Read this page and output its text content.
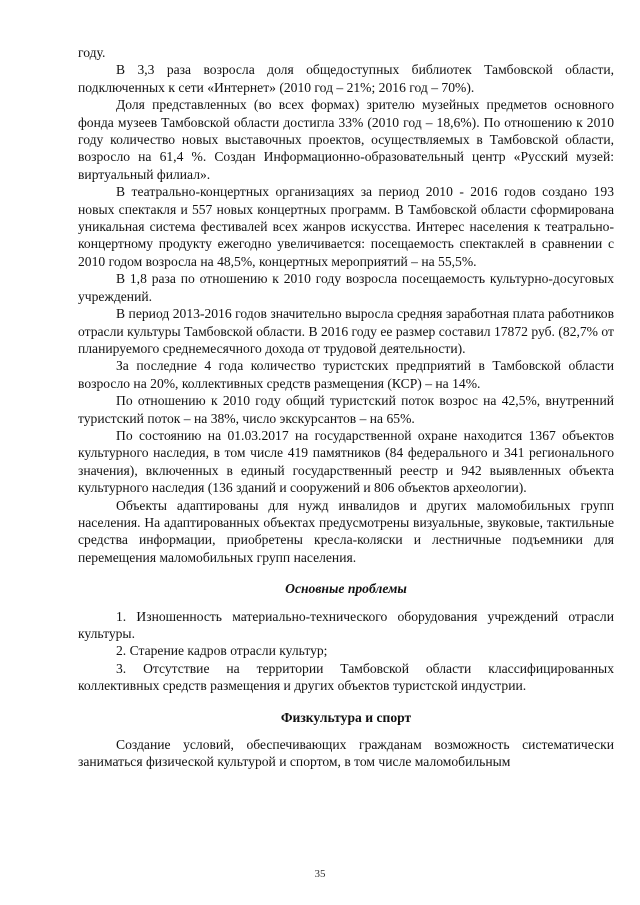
году.

В 3,3 раза возросла доля общедоступных библиотек Тамбовской области, подключенных к сети «Интернет» (2010 год – 21%; 2016 год – 70%).

Доля представленных (во всех формах) зрителю музейных предметов основного фонда музеев Тамбовской области достигла 33% (2010 год – 18,6%). По отношению к 2010 году количество новых выставочных проектов, осуществляемых в Тамбовской области, возросло на 61,4 %. Создан Информационно-образовательный центр «Русский музей: виртуальный филиал».

В театрально-концертных организациях за период 2010 - 2016 годов создано 193 новых спектакля и 557 новых концертных программ. В Тамбовской области сформирована уникальная система фестивалей всех жанров искусства. Интерес населения к театрально-концертному продукту ежегодно увеличивается: посещаемость спектаклей в сравнении с 2010 годом возросла на 48,5%, концертных мероприятий – на 55,5%.

В 1,8 раза по отношению к 2010 году возросла посещаемость культурно-досуговых учреждений.

В период 2013-2016 годов значительно выросла средняя заработная плата работников отрасли культуры Тамбовской области. В 2016 году ее размер составил 17872 руб. (82,7% от планируемого среднемесячного дохода от трудовой деятельности).

За последние 4 года количество туристских предприятий в Тамбовской области возросло на 20%, коллективных средств размещения (КСР) – на 14%.

По отношению к 2010 году общий туристский поток возрос на 42,5%, внутренний туристский поток – на 38%, число экскурсантов – на 65%.

По состоянию на 01.03.2017 на государственной охране находится 1367 объектов культурного наследия, в том числе 419 памятников (84 федерального и 341 регионального значения), включенных в единый государственный реестр и 942 выявленных объекта культурного наследия (136 зданий и сооружений и 806 объектов археологии).

Объекты адаптированы для нужд инвалидов и других маломобильных групп населения. На адаптированных объектах предусмотрены визуальные, звуковые, тактильные средства информации, приобретены кресла-коляски и лестничные подъемники для перемещения маломобильных групп населения.

Основные проблемы

1. Изношенность материально-технического оборудования учреждений отрасли культуры.

2. Старение кадров отрасли культур;

3. Отсутствие на территории Тамбовской области классифицированных коллективных средств размещения и других объектов туристской индустрии.

Физкультура и спорт

Создание условий, обеспечивающих гражданам возможность систематически заниматься физической культурой и спортом, в том числе маломобильным

35
